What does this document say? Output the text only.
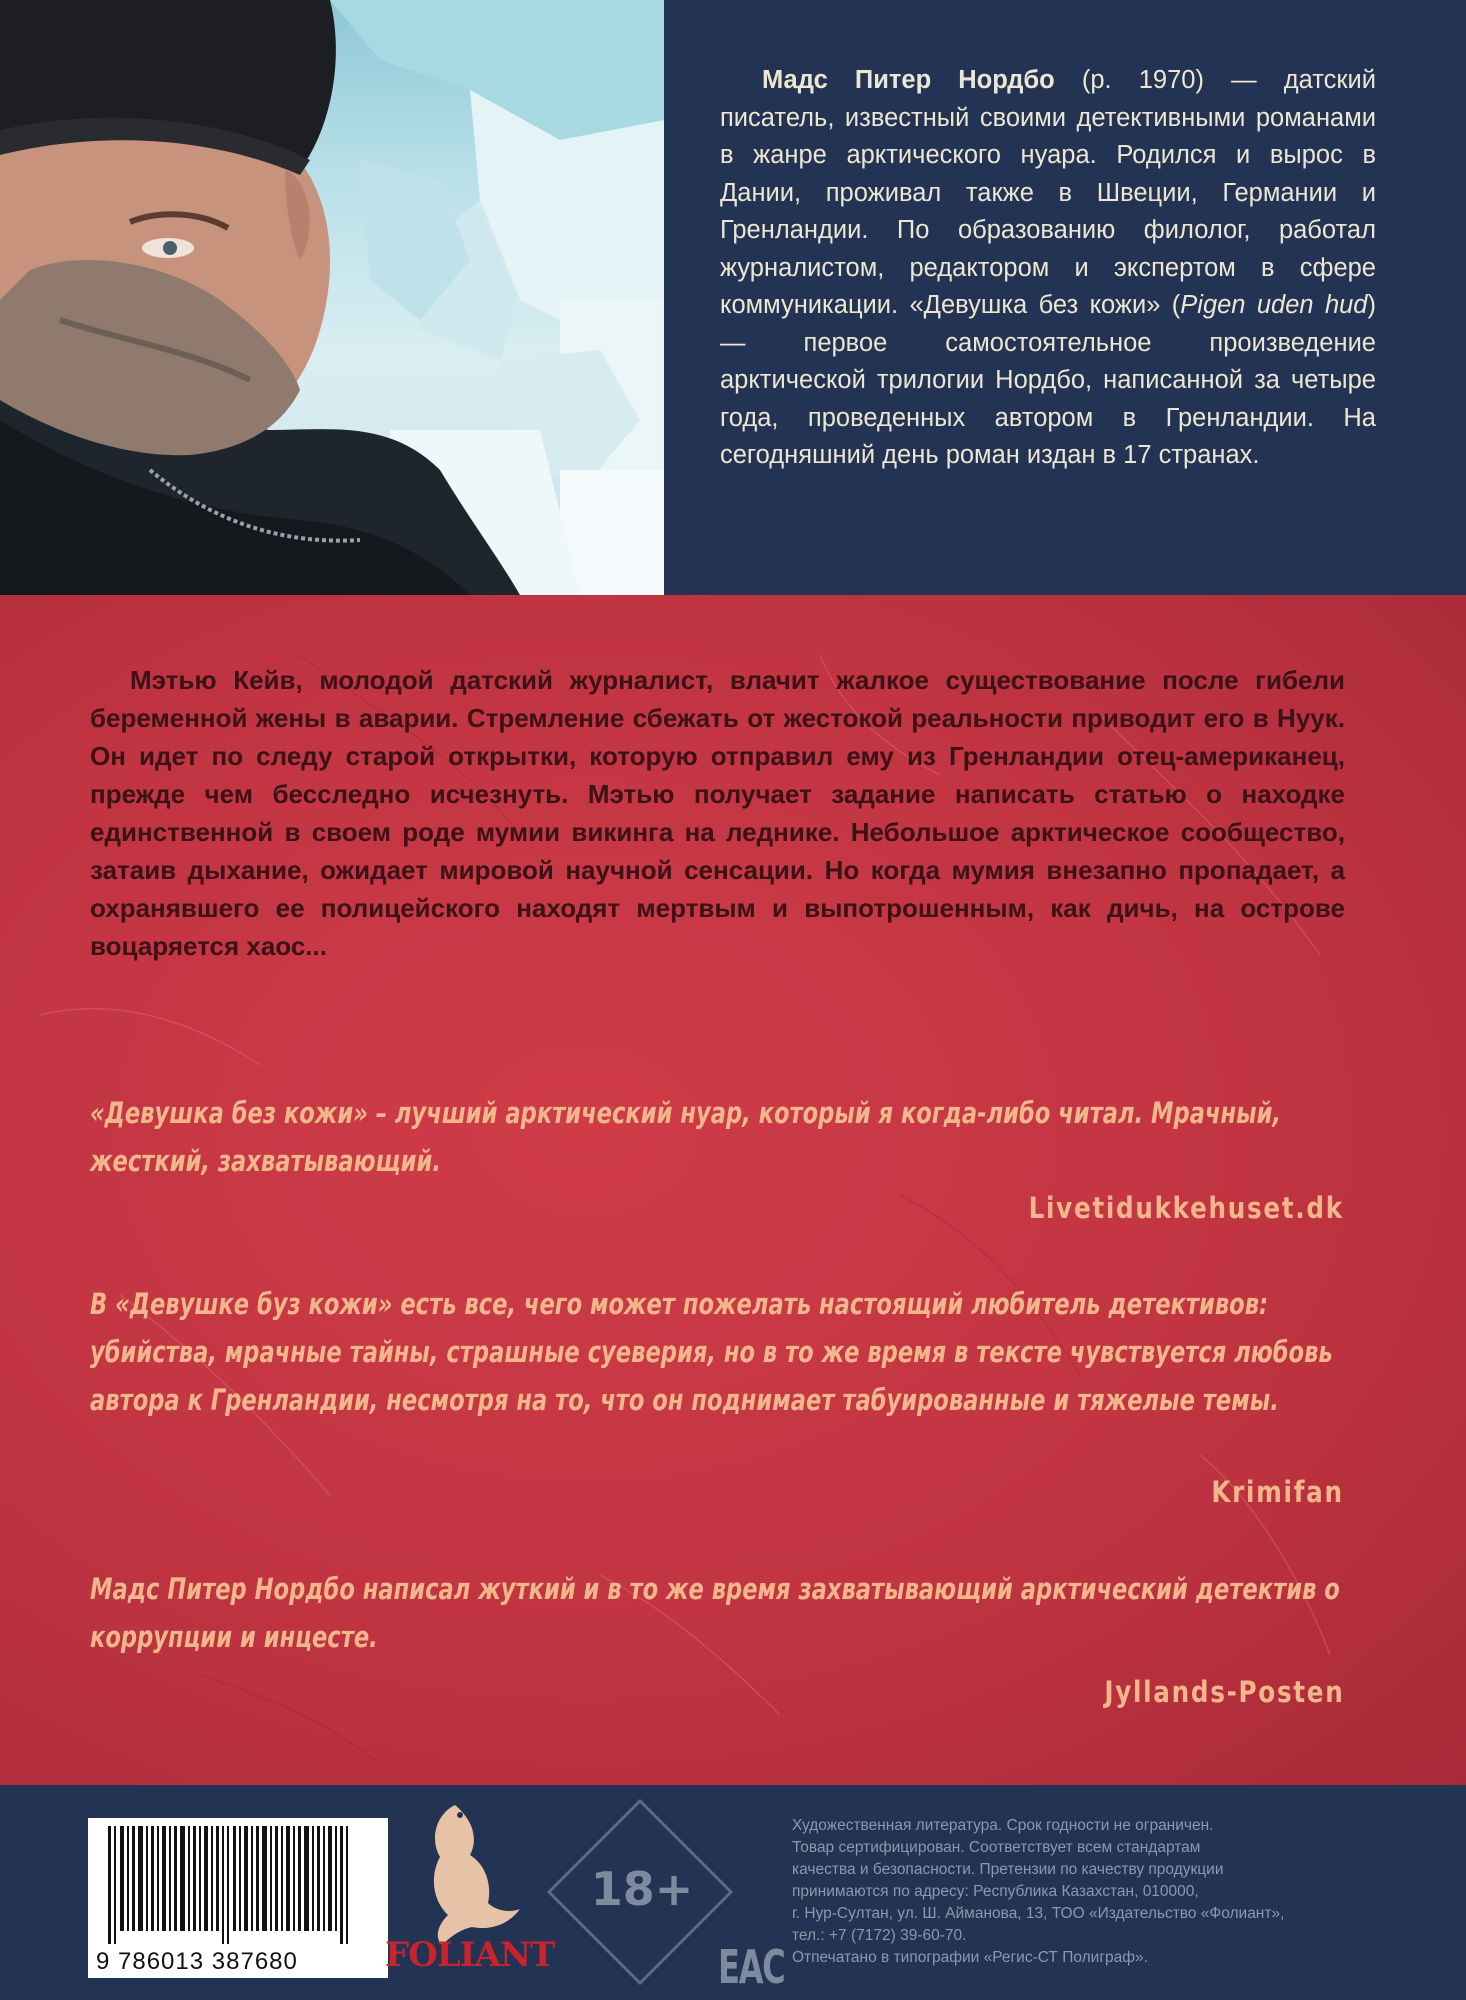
Мадс Питер Нордбо (р. 1970) — датский писатель, известный своими детективными романами в жанре арктического нуара. Родился и вырос в Дании, проживал также в Швеции, Германии и Гренландии. По образованию филолог, работал журналистом, редактором и экспертом в сфере коммуникации. «Девушка без кожи» (Pigen uden hud) — первое самостоятельное произведение арктической трилогии Нордбо, написанной за четыре года, проведенных автором в Гренландии. На сегодняшний день роман издан в 17 странах.

Мэтью Кейв, молодой датский журналист, влачит жалкое существование после гибели беременной жены в аварии. Стремление сбежать от жестокой реальности приводит его в Нуук. Он идет по следу старой открытки, которую отправил ему из Гренландии отец-американец, прежде чем бесследно исчезнуть. Мэтью получает задание написать статью о находке единственной в своем роде мумии викинга на леднике. Небольшое арктическое сообщество, затаив дыхание, ожидает мировой научной сенсации. Но когда мумия внезапно пропадает, а охранявшего ее полицейского находят мертвым и выпотрошенным, как дичь, на острове воцаряется хаос...

«Девушка без кожи» – лучший арктический нуар, который я когда-либо читал. Мрачный, жесткий, захватывающий.

Livetidukkehuset.dk

В «Девушке буз кожи» есть все, чего может пожелать настоящий любитель детективов: убийства, мрачные тайны, страшные суеверия, но в то же время в тексте чувствуется любовь автора к Гренландии, несмотря на то, что он поднимает табуированные и тяжелые темы.

Krimifan

Мадс Питер Нордбо написал жуткий и в то же время захватывающий арктический детектив о коррупции и инцесте.

Jyllands-Posten

9 786013 387680	FOLIANT
18+
EAC
Художественная литература. Срок годности не ограничен.
Товар сертифицирован. Соответствует всем стандартам
качества и безопасности. Претензии по качеству продукции
принимаются по адресу: Республика Казахстан, 010000,
г. Нур-Султан, ул. Ш. Айманова, 13, ТОО «Издательство «Фолиант»,
тел.: +7 (7172) 39-60-70.
Отпечатано в типографии «Регис-СТ Полиграф».
